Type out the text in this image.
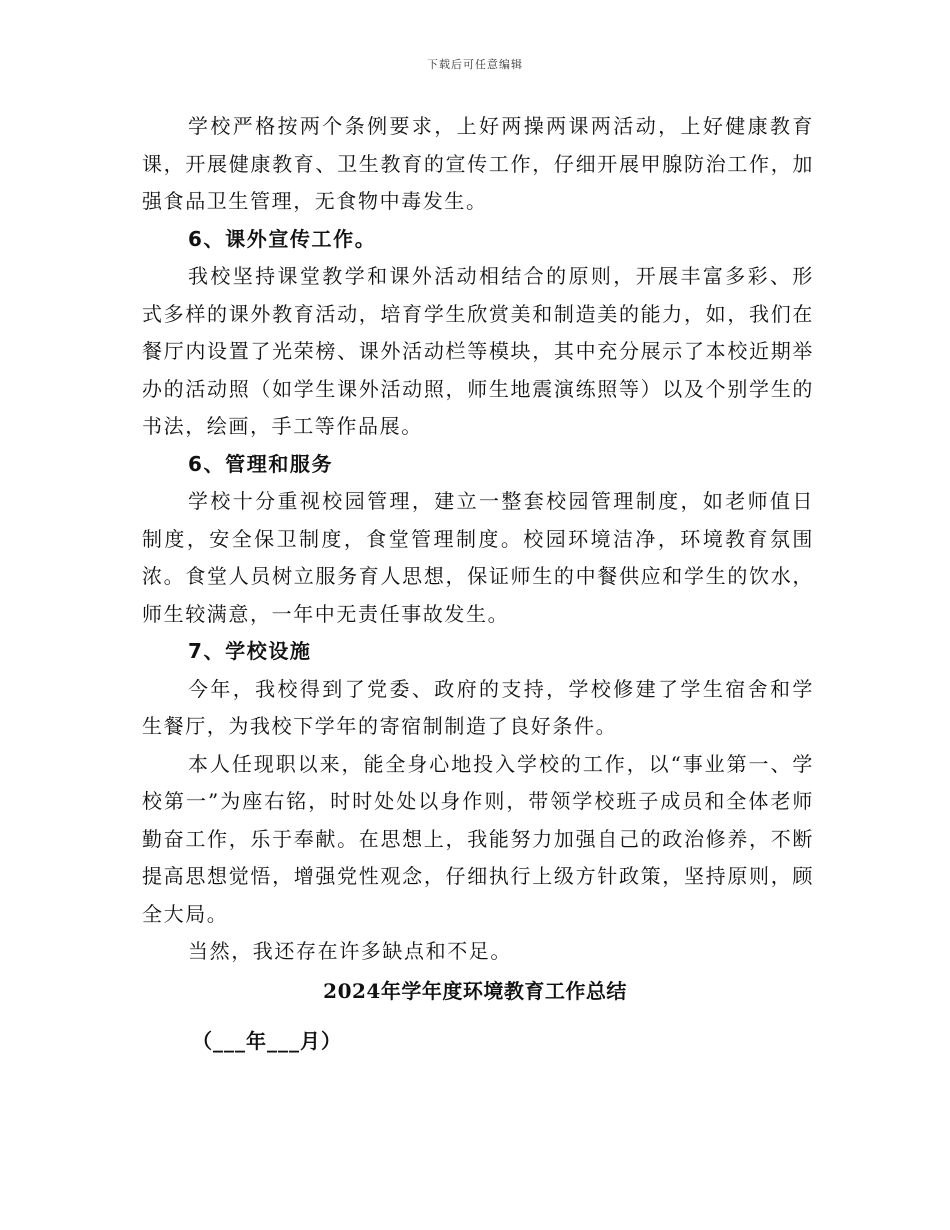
下载后可任意编辑

学校严格按两个条例要求，上好两操两课两活动，上好健康教育课，开展健康教育、卫生教育的宣传工作，仔细开展甲腺防治工作，加强食品卫生管理，无食物中毒发生。

6、课外宣传工作。

我校坚持课堂教学和课外活动相结合的原则，开展丰富多彩、形式多样的课外教育活动，培育学生欣赏美和制造美的能力，如，我们在餐厅内设置了光荣榜、课外活动栏等模块，其中充分展示了本校近期举办的活动照（如学生课外活动照，师生地震演练照等）以及个别学生的书法，绘画，手工等作品展。

6、管理和服务

学校十分重视校园管理，建立一整套校园管理制度，如老师值日制度，安全保卫制度，食堂管理制度。校园环境洁净，环境教育氛围浓。食堂人员树立服务育人思想，保证师生的中餐供应和学生的饮水，师生较满意，一年中无责任事故发生。

7、学校设施

今年，我校得到了党委、政府的支持，学校修建了学生宿舍和学生餐厅，为我校下学年的寄宿制制造了良好条件。

本人任现职以来，能全身心地投入学校的工作，以“事业第一、学校第一”为座右铭，时时处处以身作则，带领学校班子成员和全体老师勤奋工作，乐于奉献。在思想上，我能努力加强自己的政治修养，不断提高思想觉悟，增强党性观念，仔细执行上级方针政策，坚持原则，顾全大局。

当然，我还存在许多缺点和不足。

2024年学年度环境教育工作总结
（___年___月）
